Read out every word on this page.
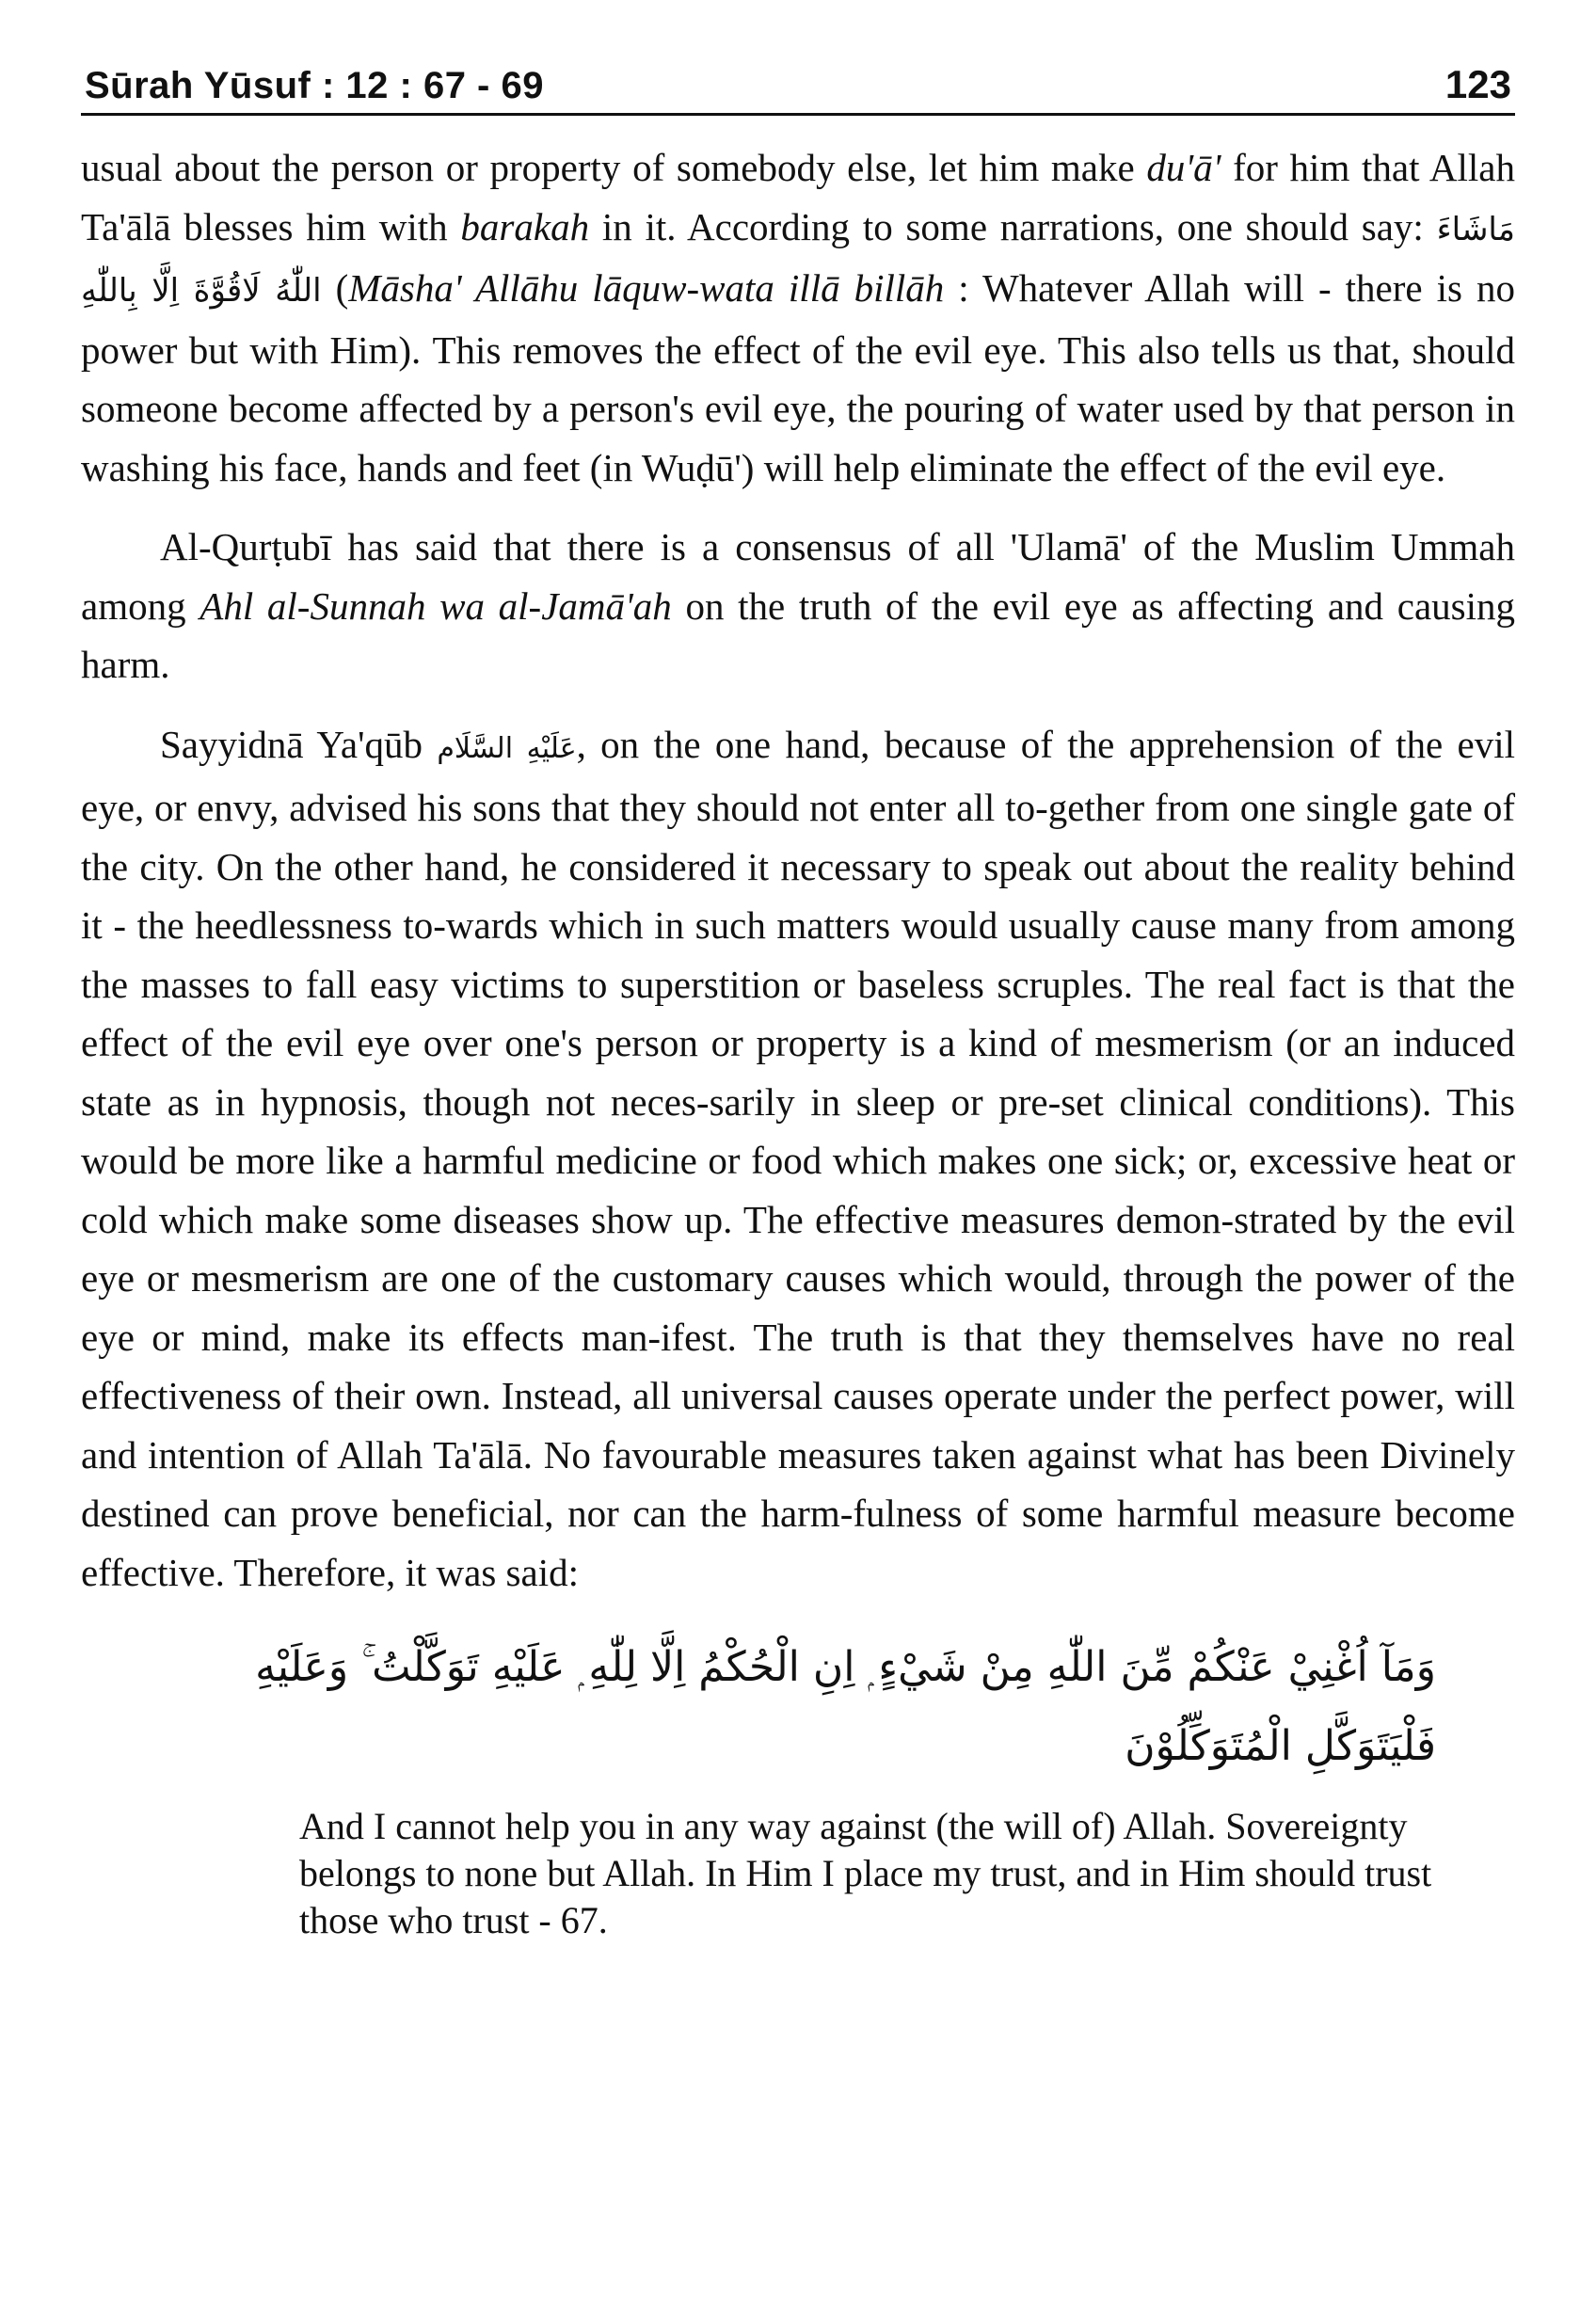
Sūrah Yūsuf : 12 : 67 - 69	123

usual about the person or property of somebody else, let him make du'ā' for him that Allah Ta'ālā blesses him with barakah in it. According to some narrations, one should say: مَاشَاءَ اللّٰهُ لَاقُوَّةَ اِلَّا بِاللّٰهِ (Māsha' Allāhu lāquw-wata illā billāh : Whatever Allah will - there is no power but with Him). This removes the effect of the evil eye. This also tells us that, should someone become affected by a person's evil eye, the pouring of water used by that person in washing his face, hands and feet (in Wuḍū') will help eliminate the effect of the evil eye.

Al-Qurṭubī has said that there is a consensus of all 'Ulamā' of the Muslim Ummah among Ahl al-Sunnah wa al-Jamā'ah on the truth of the evil eye as affecting and causing harm.

Sayyidnā Ya'qūb عَلَيْهِ السَّلَام, on the one hand, because of the apprehension of the evil eye, or envy, advised his sons that they should not enter all to-gether from one single gate of the city. On the other hand, he considered it necessary to speak out about the reality behind it - the heedlessness to-wards which in such matters would usually cause many from among the masses to fall easy victims to superstition or baseless scruples. The real fact is that the effect of the evil eye over one's person or property is a kind of mesmerism (or an induced state as in hypnosis, though not neces-sarily in sleep or pre-set clinical conditions). This would be more like a harmful medicine or food which makes one sick; or, excessive heat or cold which make some diseases show up. The effective measures demon-strated by the evil eye or mesmerism are one of the customary causes which would, through the power of the eye or mind, make its effects man-ifest. The truth is that they themselves have no real effectiveness of their own. Instead, all universal causes operate under the perfect power, will and intention of Allah Ta'ālā. No favourable measures taken against what has been Divinely destined can prove beneficial, nor can the harm-fulness of some harmful measure become effective. Therefore, it was said:

وَمَآ اُغْنِيْ عَنْكُمْ مِّنَ اللّٰهِ مِنْ شَيْءٍ ۭ اِنِ الْحُكْمُ اِلَّا لِلّٰهِ ۭ عَلَيْهِ تَوَكَّلْتُ ۚ وَعَلَيْهِ فَلْيَتَوَكَّلِ الْمُتَوَكِّلُوْنَ
And I cannot help you in any way against (the will of) Allah. Sovereignty belongs to none but Allah. In Him I place my trust, and in Him should trust those who trust - 67.
